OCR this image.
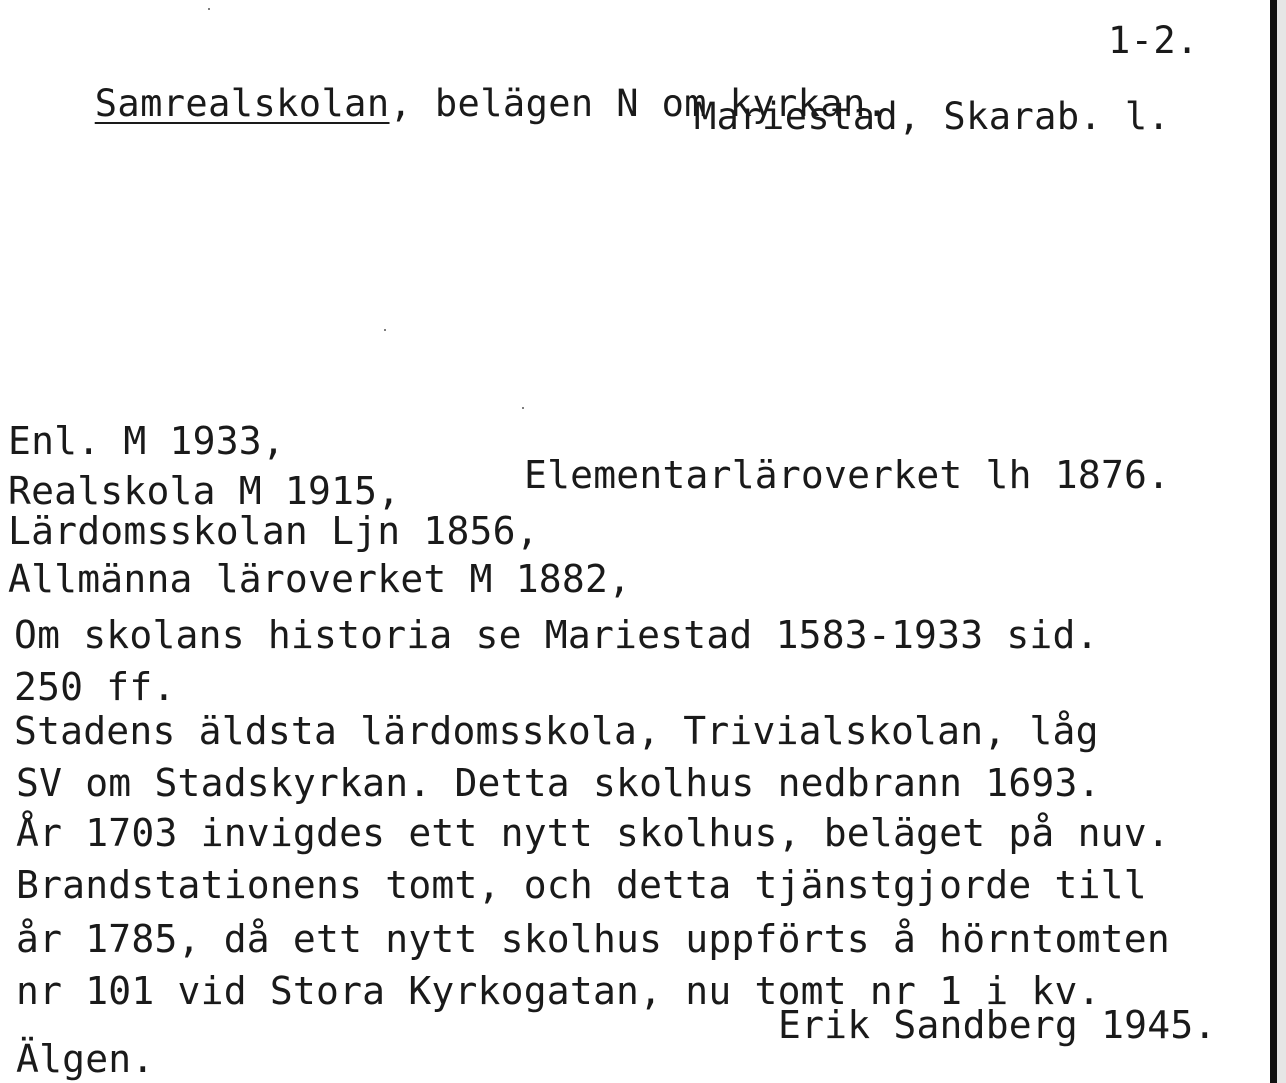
1-2.

Samrealskolan, belägen N om kyrkan.

Mariestad, Skarab. l.
Enl. M 1933,
Realskola M 1915,	Elementarläroverket lh 1876.
Lärdomsskolan Ljn 1856,
Allmänna läroverket M 1882,
Om skolans historia se Mariestad 1583-1933 sid.
250 ff.
Stadens äldsta lärdomsskola, Trivialskolan, låg
SV om Stadskyrkan. Detta skolhus nedbrann 1693.
År 1703 invigdes ett nytt skolhus, beläget på nuv.
Brandstationens tomt, och detta tjänstgjorde till
år 1785, då ett nytt skolhus uppförts å hörntomten
nr 101 vid Stora Kyrkogatan, nu tomt nr 1 i kv.
Erik Sandberg 1945.
Älgen.
